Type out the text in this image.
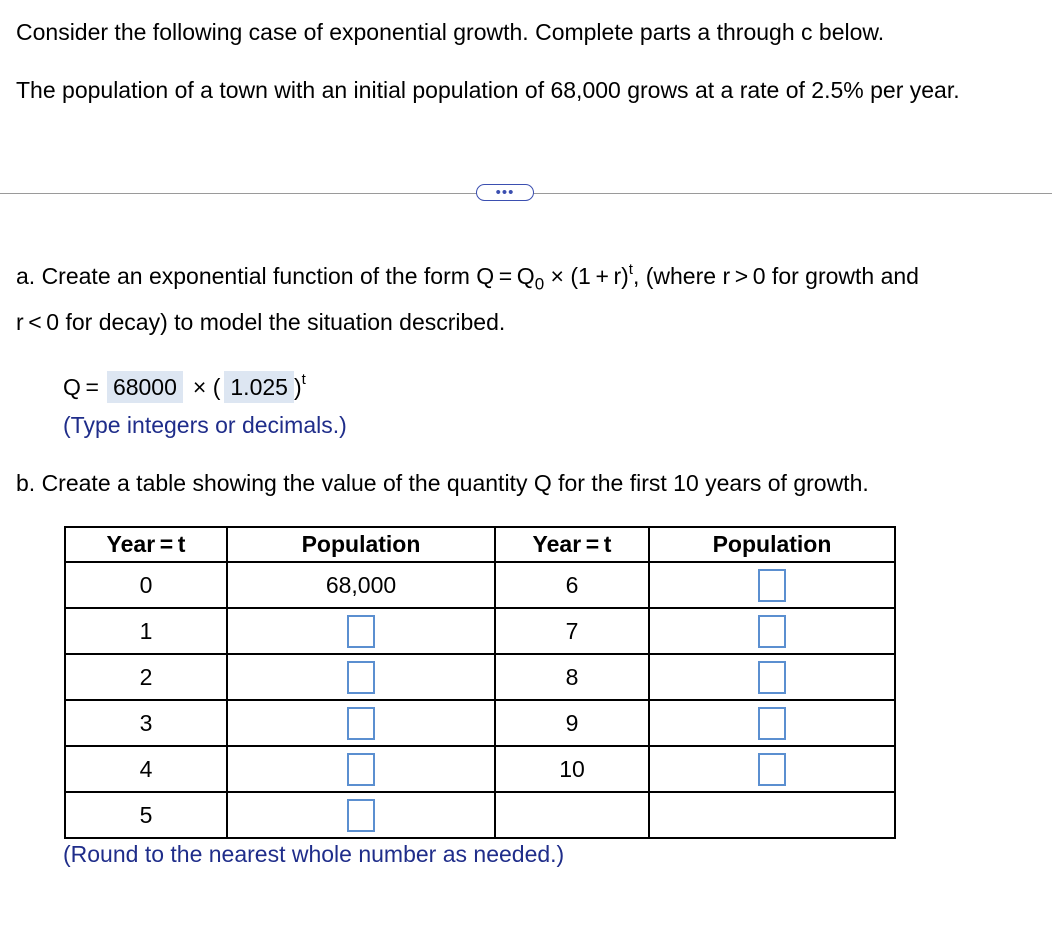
Consider the following case of exponential growth. Complete parts a through c below.
The population of a town with an initial population of 68,000 grows at a rate of 2.5% per year.
•••
a. Create an exponential function of the form $Q = Q_0 \times (1 + r)^t$, (where r > 0 for growth and
r < 0 for decay) to model the situation described.
Q = 68000 × ( 1.025 )$^t$
(Type integers or decimals.)
b. Create a table showing the value of the quantity Q for the first 10 years of growth.
Year = t	Population	Year = t	Population
0	68,000	6	
1		7	
2		8	
3		9	
4		10	
5			
(Round to the nearest whole number as needed.)
